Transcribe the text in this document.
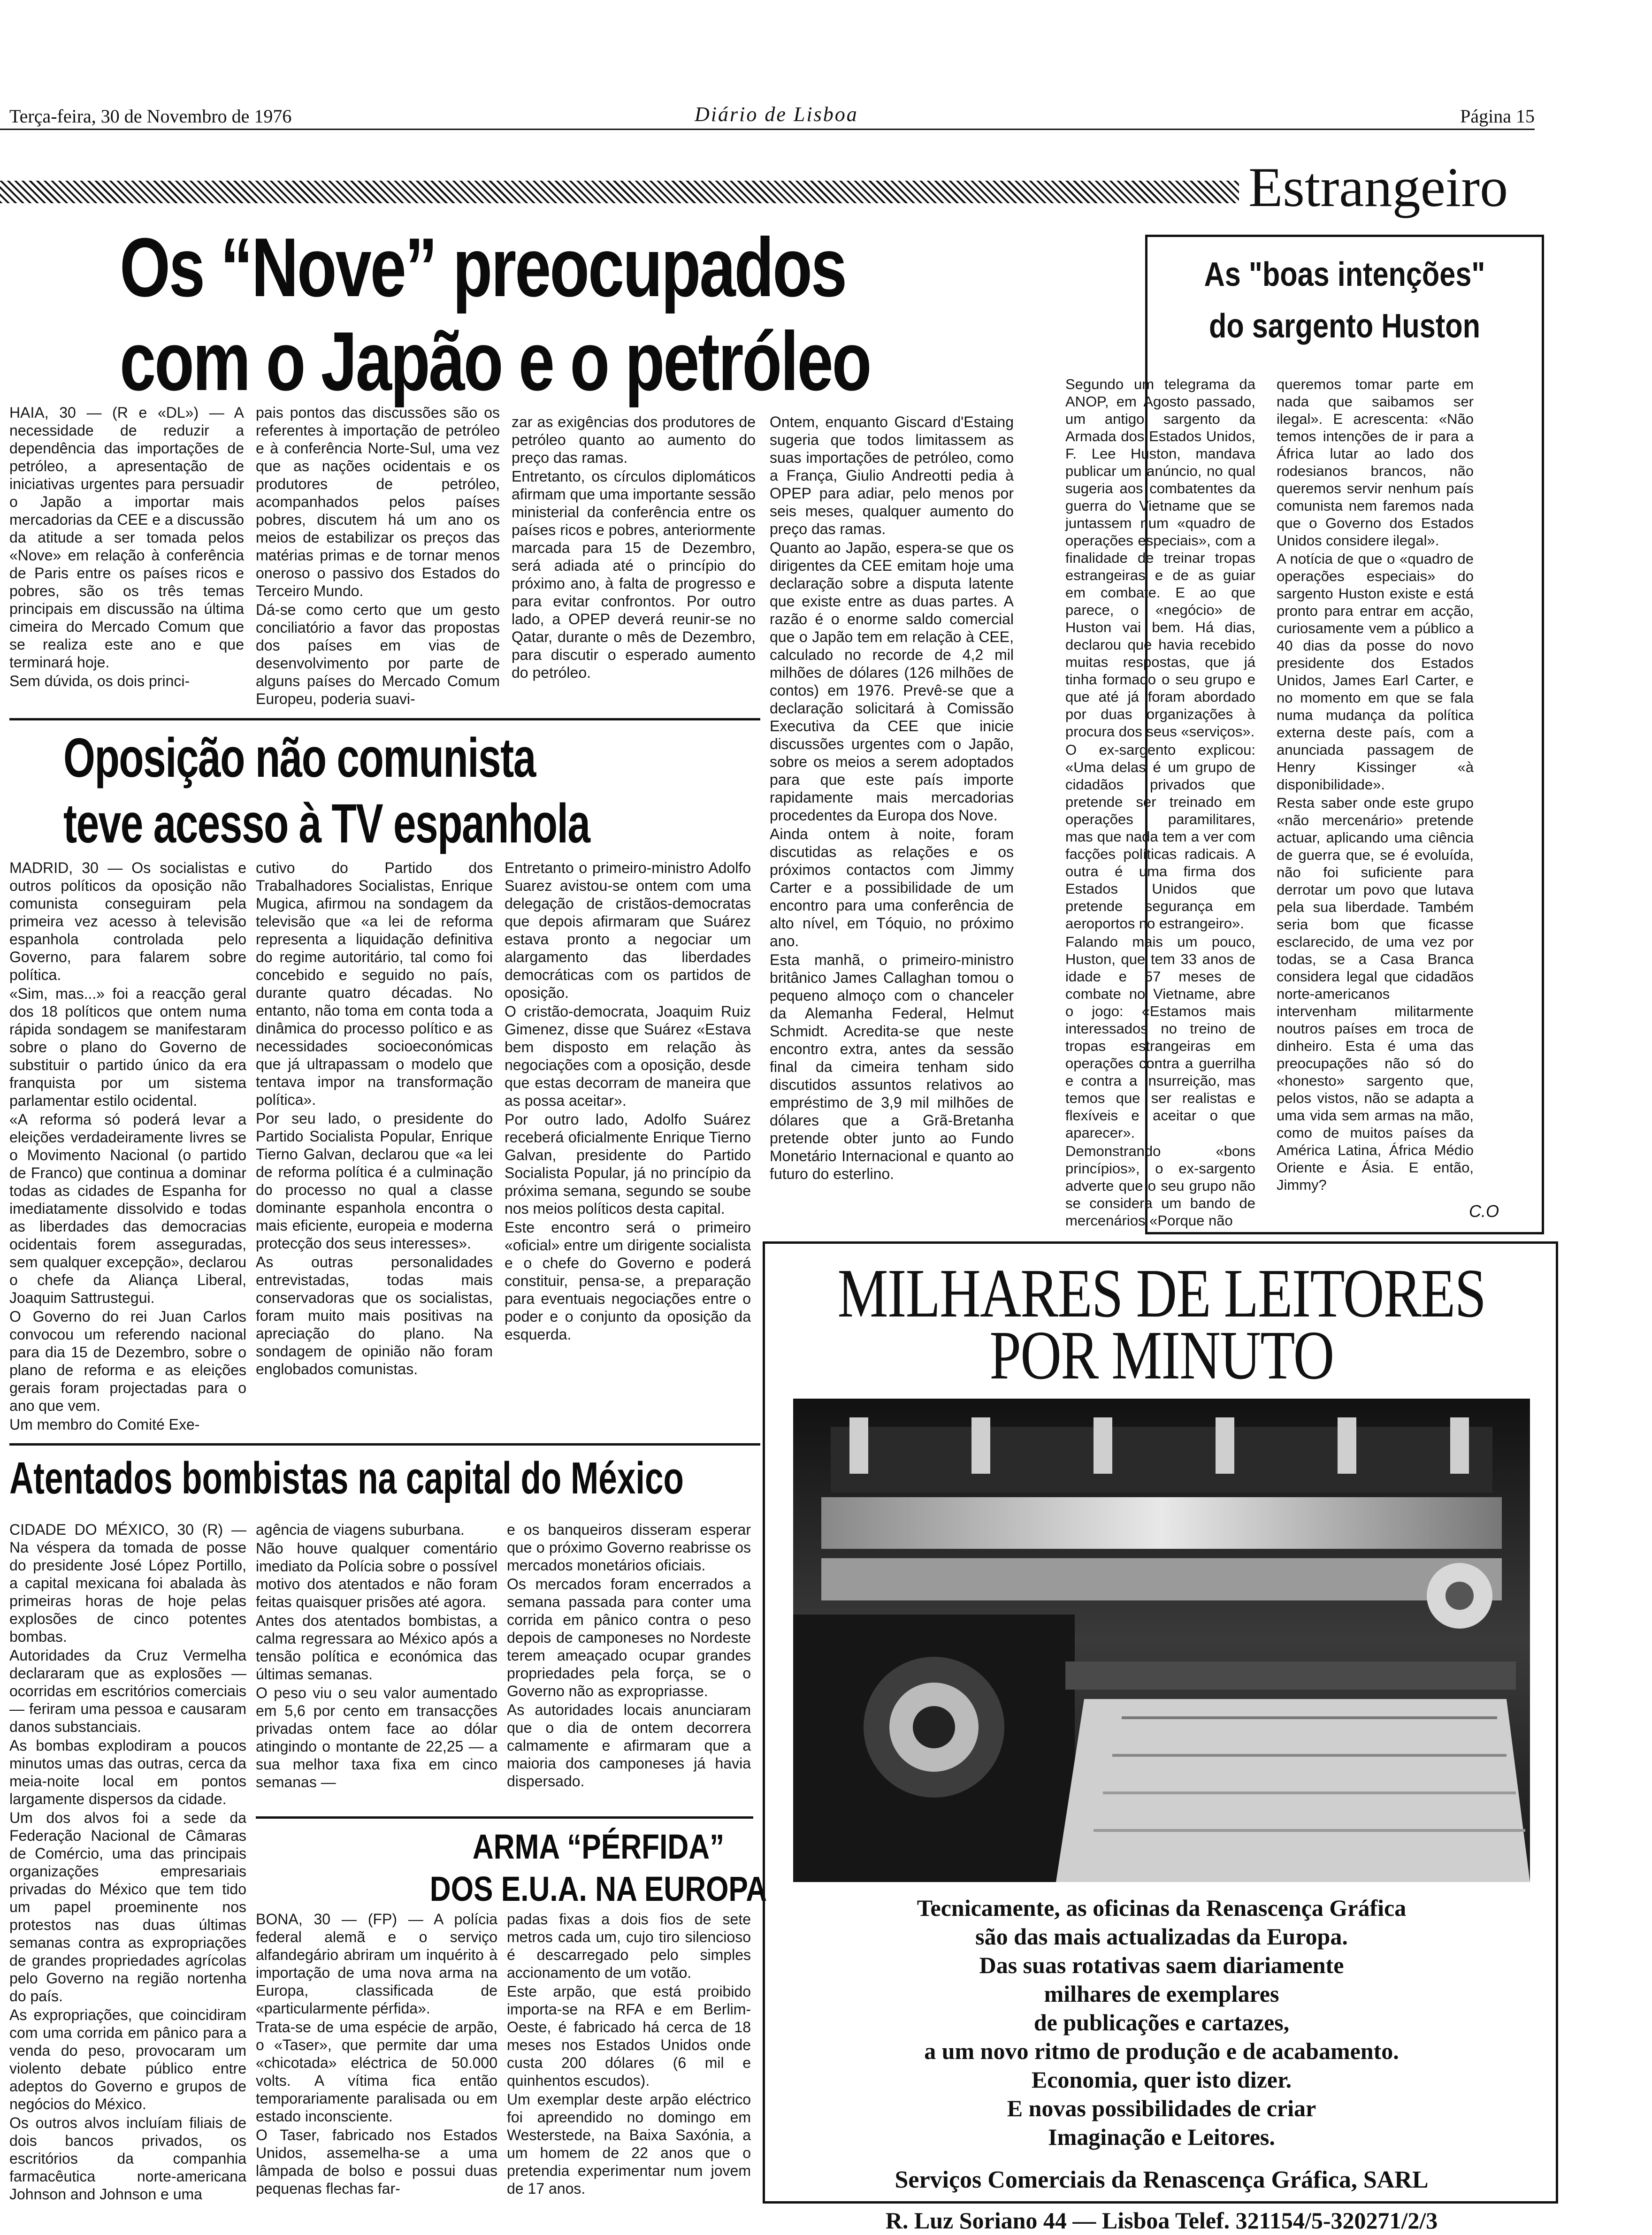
Terça-feira, 30 de Novembro de 1976	Diário de Lisboa	Página 15
Estrangeiro
Os “Nove” preocupados
com o Japão e o petróleo

HAIA, 30 — (R e «DL») — A necessidade de reduzir a dependência das importações de petróleo, a apresentação de iniciativas urgentes para persuadir o Japão a importar mais mercadorias da CEE e a discussão da atitude a ser tomada pelos «Nove» em relação à conferência de Paris entre os países ricos e pobres, são os três temas principais em discussão na última cimeira do Mercado Comum que se realiza este ano e que terminará hoje.

Sem dúvida, os dois princi-

pais pontos das discussões são os referentes à importação de petróleo e à conferência Norte-Sul, uma vez que as nações ocidentais e os produtores de petróleo, acompanhados pelos países pobres, discutem há um ano os meios de estabilizar os preços das matérias primas e de tornar menos oneroso o passivo dos Estados do Terceiro Mundo.

Dá-se como certo que um gesto conciliatório a favor das propostas dos países em vias de desenvolvimento por parte de alguns países do Mercado Comum Europeu, poderia suavi-

zar as exigências dos produtores de petróleo quanto ao aumento do preço das ramas.

Entretanto, os círculos diplomáticos afirmam que uma importante sessão ministerial da conferência entre os países ricos e pobres, anteriormente marcada para 15 de Dezembro, será adiada até o princípio do próximo ano, à falta de progresso e para evitar confrontos. Por outro lado, a OPEP deverá reunir-se no Qatar, durante o mês de Dezembro, para discutir o esperado aumento do petróleo.

Ontem, enquanto Giscard d'Estaing sugeria que todos limitassem as suas importações de petróleo, como a França, Giulio Andreotti pedia à OPEP para adiar, pelo menos por seis meses, qualquer aumento do preço das ramas.

Quanto ao Japão, espera-se que os dirigentes da CEE emitam hoje uma declaração sobre a disputa latente que existe entre as duas partes. A razão é o enorme saldo comercial que o Japão tem em relação à CEE, calculado no recorde de 4,2 mil milhões de dólares (126 milhões de contos) em 1976. Prevê-se que a declaração solicitará à Comissão Executiva da CEE que inicie discussões urgentes com o Japão, sobre os meios a serem adoptados para que este país importe rapidamente mais mercadorias procedentes da Europa dos Nove.

Ainda ontem à noite, foram discutidas as relações e os próximos contactos com Jimmy Carter e a possibilidade de um encontro para uma conferência de alto nível, em Tóquio, no próximo ano.

Esta manhã, o primeiro-ministro britânico James Callaghan tomou o pequeno almoço com o chanceler da Alemanha Federal, Helmut Schmidt. Acredita-se que neste encontro extra, antes da sessão final da cimeira tenham sido discutidos assuntos relativos ao empréstimo de 3,9 mil milhões de dólares que a Grã-Bretanha pretende obter junto ao Fundo Monetário Internacional e quanto ao futuro do esterlino.

As "boas intenções"
do sargento Huston

Segundo um telegrama da ANOP, em Agosto passado, um antigo sargento da Armada dos Estados Unidos, F. Lee Huston, mandava publicar um anúncio, no qual sugeria aos combatentes da guerra do Vietname que se juntassem num «quadro de operações especiais», com a finalidade de treinar tropas estrangeiras e de as guiar em combate. E ao que parece, o «negócio» de Huston vai bem. Há dias, declarou que havia recebido muitas respostas, que já tinha formado o seu grupo e que até já foram abordado por duas organizações à procura dos seus «serviços».

O ex-sargento explicou: «Uma delas é um grupo de cidadãos privados que pretende ser treinado em operações paramilitares, mas que nada tem a ver com facções políticas radicais. A outra é uma firma dos Estados Unidos que pretende segurança em aeroportos no estrangeiro».

Falando mais um pouco, Huston, que tem 33 anos de idade e 57 meses de combate no Vietname, abre o jogo: «Estamos mais interessados no treino de tropas estrangeiras em operações contra a guerrilha e contra a insurreição, mas temos que ser realistas e flexíveis e aceitar o que aparecer».

Demonstrando «bons princípios», o ex-sargento adverte que o seu grupo não se considera um bando de mercenários «Porque não

queremos tomar parte em nada que saibamos ser ilegal». E acrescenta: «Não temos intenções de ir para a África lutar ao lado dos rodesianos brancos, não queremos servir nenhum país comunista nem faremos nada que o Governo dos Estados Unidos considere ilegal».

A notícia de que o «quadro de operações especiais» do sargento Huston existe e está pronto para entrar em acção, curiosamente vem a público a 40 dias da posse do novo presidente dos Estados Unidos, James Earl Carter, e no momento em que se fala numa mudança da política externa deste país, com a anunciada passagem de Henry Kissinger «à disponibilidade».

Resta saber onde este grupo «não mercenário» pretende actuar, aplicando uma ciência de guerra que, se é evoluída, não foi suficiente para derrotar um povo que lutava pela sua liberdade. Também seria bom que ficasse esclarecido, de uma vez por todas, se a Casa Branca considera legal que cidadãos norte-americanos intervenham militarmente noutros países em troca de dinheiro. Esta é uma das preocupações não só do «honesto» sargento que, pelos vistos, não se adapta a uma vida sem armas na mão, como de muitos países da América Latina, África Médio Oriente e Ásia. E então, Jimmy?

C.O
Oposição não comunista
teve acesso à TV espanhola

MADRID, 30 — Os socialistas e outros políticos da oposição não comunista conseguiram pela primeira vez acesso à televisão espanhola controlada pelo Governo, para falarem sobre política.

«Sim, mas...» foi a reacção geral dos 18 políticos que ontem numa rápida sondagem se manifestaram sobre o plano do Governo de substituir o partido único da era franquista por um sistema parlamentar estilo ocidental.

«A reforma só poderá levar a eleições verdadeiramente livres se o Movimento Nacional (o partido de Franco) que continua a dominar todas as cidades de Espanha for imediatamente dissolvido e todas as liberdades das democracias ocidentais forem asseguradas, sem qualquer excepção», declarou o chefe da Aliança Liberal, Joaquim Sattrustegui.

O Governo do rei Juan Carlos convocou um referendo nacional para dia 15 de Dezembro, sobre o plano de reforma e as eleições gerais foram projectadas para o ano que vem.

Um membro do Comité Exe-

cutivo do Partido dos Trabalhadores Socialistas, Enrique Mugica, afirmou na sondagem da televisão que «a lei de reforma representa a liquidação definitiva do regime autoritário, tal como foi concebido e seguido no país, durante quatro décadas. No entanto, não toma em conta toda a dinâmica do processo político e as necessidades socioeconómicas que já ultrapassam o modelo que tentava impor na transformação política».

Por seu lado, o presidente do Partido Socialista Popular, Enrique Tierno Galvan, declarou que «a lei de reforma política é a culminação do processo no qual a classe dominante espanhola encontra o mais eficiente, europeia e moderna protecção dos seus interesses».

As outras personalidades entrevistadas, todas mais conservadoras que os socialistas, foram muito mais positivas na apreciação do plano. Na sondagem de opinião não foram englobados comunistas.

Entretanto o primeiro-ministro Adolfo Suarez avistou-se ontem com uma delegação de cristãos-democratas que depois afirmaram que Suárez estava pronto a negociar um alargamento das liberdades democráticas com os partidos de oposição.

O cristão-democrata, Joaquim Ruiz Gimenez, disse que Suárez «Estava bem disposto em relação às negociações com a oposição, desde que estas decorram de maneira que as possa aceitar».

Por outro lado, Adolfo Suárez receberá oficialmente Enrique Tierno Galvan, presidente do Partido Socialista Popular, já no princípio da próxima semana, segundo se soube nos meios políticos desta capital.

Este encontro será o primeiro «oficial» entre um dirigente socialista e o chefe do Governo e poderá constituir, pensa-se, a preparação para eventuais negociações entre o poder e o conjunto da oposição da esquerda.

Atentados bombistas na capital do México

CIDADE DO MÉXICO, 30 (R) — Na véspera da tomada de posse do presidente José López Portillo, a capital mexicana foi abalada às primeiras horas de hoje pelas explosões de cinco potentes bombas.

Autoridades da Cruz Vermelha declararam que as explosões — ocorridas em escritórios comerciais — feriram uma pessoa e causaram danos substanciais.

As bombas explodiram a poucos minutos umas das outras, cerca da meia-noite local em pontos largamente dispersos da cidade.

Um dos alvos foi a sede da Federação Nacional de Câmaras de Comércio, uma das principais organizações empresariais privadas do México que tem tido um papel proeminente nos protestos nas duas últimas semanas contra as expropriações de grandes propriedades agrícolas pelo Governo na região nortenha do país.

As expropriações, que coincidiram com uma corrida em pânico para a venda do peso, provocaram um violento debate público entre adeptos do Governo e grupos de negócios do México.

Os outros alvos incluíam filiais de dois bancos privados, os escritórios da companhia farmacêutica norte-americana Johnson and Johnson e uma

agência de viagens suburbana.

Não houve qualquer comentário imediato da Polícia sobre o possível motivo dos atentados e não foram feitas quaisquer prisões até agora.

Antes dos atentados bombistas, a calma regressara ao México após a tensão política e económica das últimas semanas.

O peso viu o seu valor aumentado em 5,6 por cento em transacções privadas ontem face ao dólar atingindo o montante de 22,25 — a sua melhor taxa fixa em cinco semanas —

e os banqueiros disseram esperar que o próximo Governo reabrisse os mercados monetários oficiais.

Os mercados foram encerrados a semana passada para conter uma corrida em pânico contra o peso depois de camponeses no Nordeste terem ameaçado ocupar grandes propriedades pela força, se o Governo não as expropriasse.

As autoridades locais anunciaram que o dia de ontem decorrera calmamente e afirmaram que a maioria dos camponeses já havia dispersado.

ARMA “PÉRFIDA”
DOS E.U.A. NA EUROPA

BONA, 30 — (FP) — A polícia federal alemã e o serviço alfandegário abriram um inquérito à importação de uma nova arma na Europa, classificada de «particularmente pérfida».

Trata-se de uma espécie de arpão, o «Taser», que permite dar uma «chicotada» eléctrica de 50.000 volts. A vítima fica então temporariamente paralisada ou em estado inconsciente.

O Taser, fabricado nos Estados Unidos, assemelha-se a uma lâmpada de bolso e possui duas pequenas flechas far-

padas fixas a dois fios de sete metros cada um, cujo tiro silencioso é descarregado pelo simples accionamento de um votão.

Este arpão, que está proibido importa-se na RFA e em Berlim-Oeste, é fabricado há cerca de 18 meses nos Estados Unidos onde custa 200 dólares (6 mil e quinhentos escudos).

Um exemplar deste arpão eléctrico foi apreendido no domingo em Westerstede, na Baixa Saxónia, a um homem de 22 anos que o pretendia experimentar num jovem de 17 anos.

MILHARES DE LEITORES
POR MINUTO
Tecnicamente, as oficinas da Renascença Gráfica
são das mais actualizadas da Europa.
Das suas rotativas saem diariamente
milhares de exemplares
de publicações e cartazes,
a um novo ritmo de produção e de acabamento.
Economia, quer isto dizer.
E novas possibilidades de criar
Imaginação e Leitores.
Serviços Comerciais da Renascença Gráfica, SARL
R. Luz Soriano 44 — Lisboa Telef. 321154/5-320271/2/3
